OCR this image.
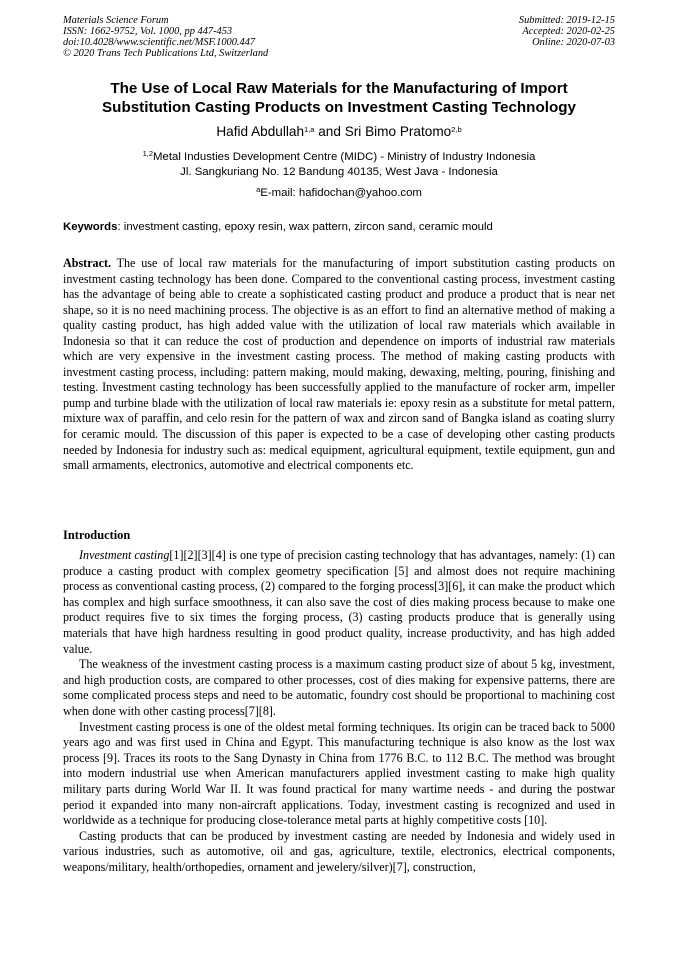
Materials Science Forum
ISSN: 1662-9752, Vol. 1000, pp 447-453
doi:10.4028/www.scientific.net/MSF.1000.447
© 2020 Trans Tech Publications Ltd, Switzerland
Submitted: 2019-12-15
Accepted: 2020-02-25
Online: 2020-07-03
The Use of Local Raw Materials for the Manufacturing of Import
Substitution Casting Products on Investment Casting Technology
Hafid Abdullah$^{1,a}$ and Sri Bimo Pratomo$^{2,b}$
$^{1,2}$Metal Industies Development Centre (MIDC) - Ministry of Industry Indonesia
Jl. Sangkuriang No. 12 Bandung 40135, West Java - Indonesia
$^a$E-mail: hafidochan@yahoo.com
Keywords: investment casting, epoxy resin, wax pattern, zircon sand, ceramic mould
Abstract. The use of local raw materials for the manufacturing of import substitution casting products on investment casting technology has been done. Compared to the conventional casting process, investment casting has the advantage of being able to create a sophisticated casting product and produce a product that is near net shape, so it is no need machining process. The objective is as an effort to find an alternative method of making a quality casting product, has high added value with the utilization of local raw materials which available in Indonesia so that it can reduce the cost of production and dependence on imports of industrial raw materials which are very expensive in the investment casting process. The method of making casting products with investment casting process, including: pattern making, mould making, dewaxing, melting, pouring, finishing and testing. Investment casting technology has been successfully applied to the manufacture of rocker arm, impeller pump and turbine blade with the utilization of local raw materials ie: epoxy resin as a substitute for metal pattern, mixture wax of paraffin, and celo resin for the pattern of wax and zircon sand of Bangka island as coating slurry for ceramic mould. The discussion of this paper is expected to be a case of developing other casting products needed by Indonesia for industry such as: medical equipment, agricultural equipment, textile equipment, gun and small armaments, electronics, automotive and electrical components etc.
Introduction

Investment casting[1][2][3][4] is one type of precision casting technology that has advantages, namely: (1) can produce a casting product with complex geometry specification [5] and almost does not require machining process as conventional casting process, (2) compared to the forging process[3][6], it can make the product which has complex and high surface smoothness, it can also save the cost of dies making process because to make one product requires five to six times the forging process, (3) casting products produce that is generally using materials that have high hardness resulting in good product quality, increase productivity, and has high added value.

The weakness of the investment casting process is a maximum casting product size of about 5 kg, investment, and high production costs, are compared to other processes, cost of dies making for expensive patterns, there are some complicated process steps and need to be automatic, foundry cost should be proportional to machining cost when done with other casting process[7][8].

Investment casting process is one of the oldest metal forming techniques. Its origin can be traced back to 5000 years ago and was first used in China and Egypt. This manufacturing technique is also know as the lost wax process [9]. Traces its roots to the Sang Dynasty in China from 1776 B.C. to 112 B.C. The method was brought into modern industrial use when American manufacturers applied investment casting to make high quality military parts during World War II. It was found practical for many wartime needs - and during the postwar period it expanded into many non-aircraft applications. Today, investment casting is recognized and used in worldwide as a technique for producing close-tolerance metal parts at highly competitive costs [10].

Casting products that can be produced by investment casting are needed by Indonesia and widely used in various industries, such as automotive, oil and gas, agriculture, textile, electronics, electrical components, weapons/military, health/orthopedies, ornament and jewelery/silver)[7], construction,
